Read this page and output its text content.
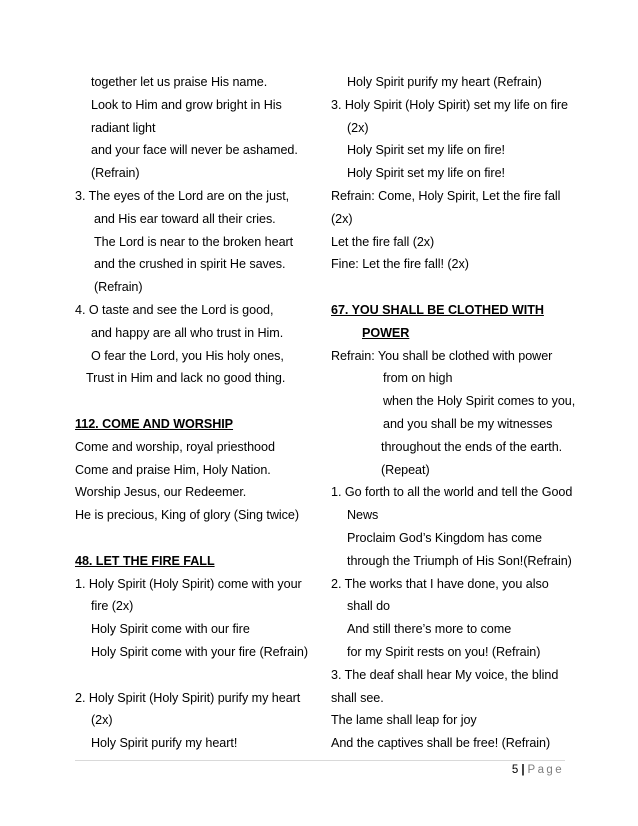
together let us praise His name.
Look to Him and grow bright in His
radiant light
and your face will never be ashamed.
(Refrain)
3. The eyes of the Lord are on the just,
and His ear toward all their cries.
The Lord is near to the broken heart
and the crushed in spirit He saves.
(Refrain)
4. O taste and see the Lord is good,
and happy are all who trust in Him.
O fear the Lord, you His holy ones,
Trust in Him and lack no good thing.

112. COME AND WORSHIP
Come and worship, royal priesthood
Come and praise Him, Holy Nation.
Worship Jesus, our Redeemer.
He is precious, King of glory (Sing twice)

48. LET THE FIRE FALL
1. Holy Spirit (Holy Spirit) come with your
fire (2x)
Holy Spirit come with our fire
Holy Spirit come with your fire (Refrain)

2. Holy Spirit (Holy Spirit) purify my heart
(2x)
Holy Spirit purify my heart!
Holy Spirit purify my heart (Refrain)
3. Holy Spirit (Holy Spirit) set my life on fire
(2x)
Holy Spirit set my life on fire!
Holy Spirit set my life on fire!
Refrain: Come, Holy Spirit, Let the fire fall
(2x)
Let the fire fall (2x)
Fine: Let the fire fall! (2x)

67. YOU SHALL BE CLOTHED WITH
POWER
Refrain: You shall be clothed with power
from on high
when the Holy Spirit comes to you,
and you shall be my witnesses
throughout the ends of the earth.
(Repeat)
1. Go forth to all the world and tell the Good
News
Proclaim God’s Kingdom has come
through the Triumph of His Son!(Refrain)
2. The works that I have done, you also
shall do
And still there’s more to come
for my Spirit rests on you! (Refrain)
3. The deaf shall hear My voice, the blind
shall see.
The lame shall leap for joy
And the captives shall be free! (Refrain)
5 | Page
